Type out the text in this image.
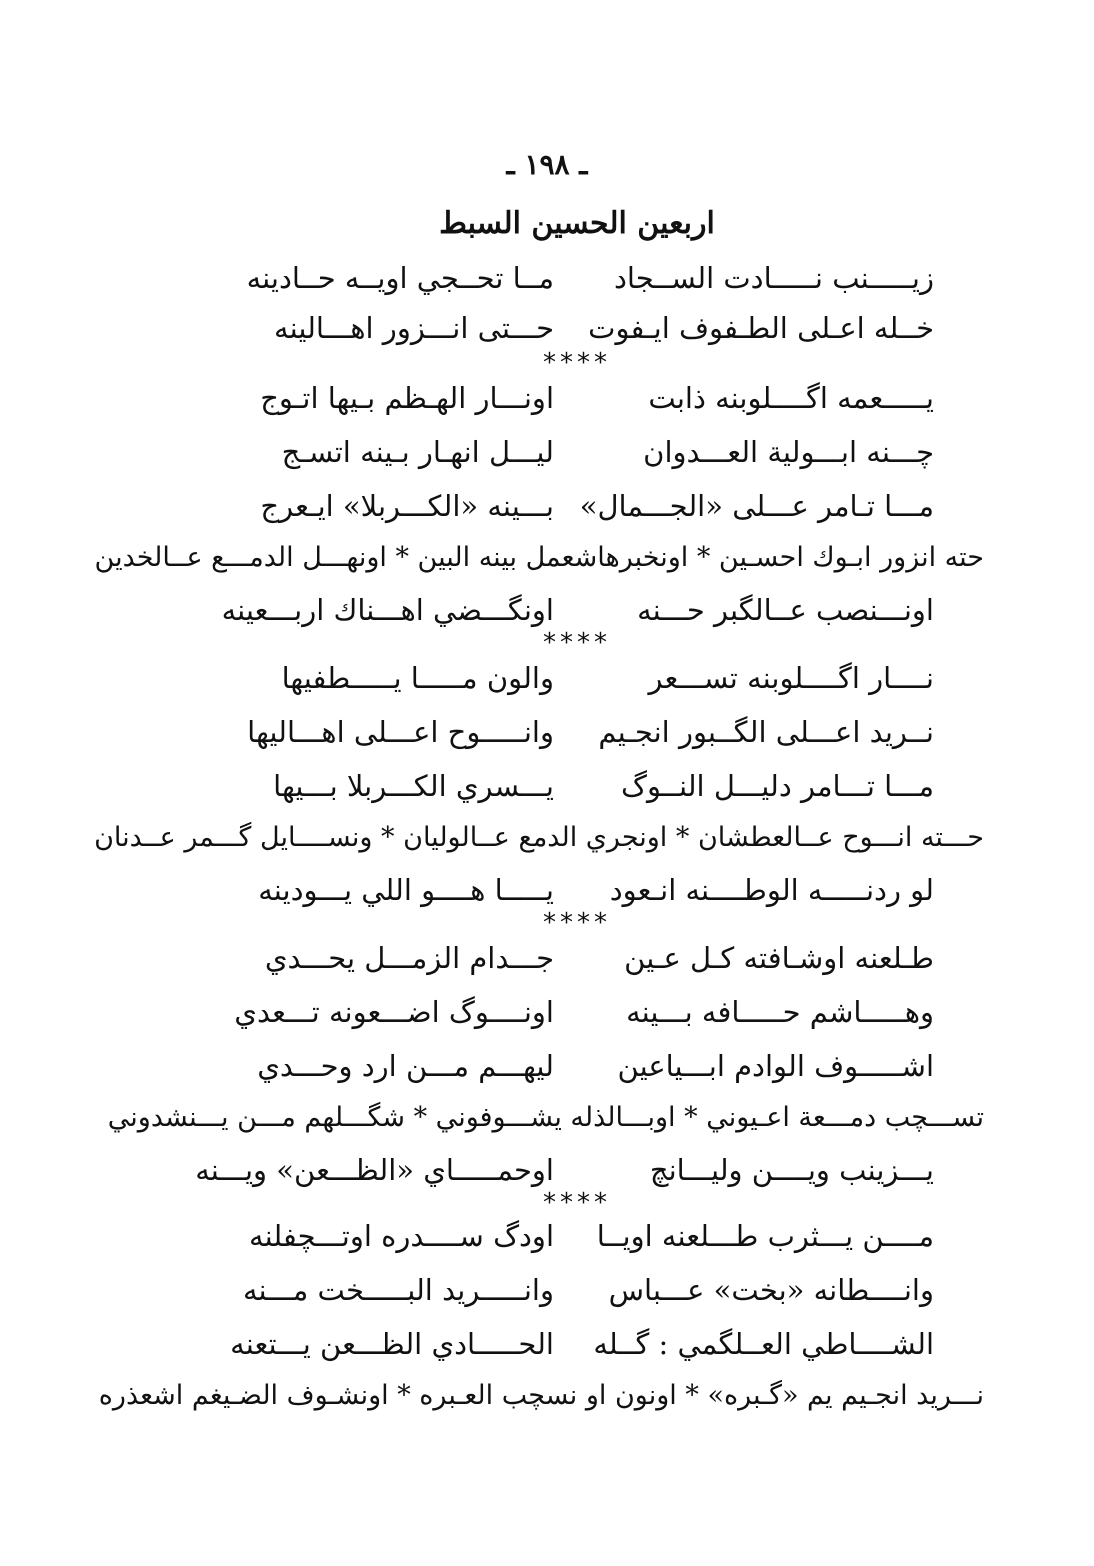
ـ ١٩٨ ـ
اربعين الحسين السبط
زيـــــنب نـــــادت الســجاد
مــا تحــجي اويــه حــادينه
خــله اعـلى الطـفوف ايـفوت
حـــتى انـــزور اهـــالينه
****
يـــــعمه اگــــلوبنه ذابت
اونـــار الهـظم بـيها اتـوج
چـــنه ابـــولية العـــدوان
ليـــل انهـار بـينه اتسـج
مـــا تـامر عـــلى «الجـــمال»
بـــينه «الكـــربلا» ايـعرج
حته انزور ابـوك احسـين * اونخبرهاشعمل بينه البين * اونهـــل الدمـــع عــالخدين
اونـــنصب عــالگبر حـــنه
اونگـــضي اهـــناك اربـــعينه
****
نــــار اگــــلوبنه تســـعر
والون مـــــا يـــــطفيها
نــريد اعـــلى الگــبور انجـيم
وانـــــوح اعـــلى اهـــاليها
مـــا تـــامر دليـــل النــوگ
يـــسري الكـــربلا بـــيها
حـــته انـــوح عــالعطشان * اونجري الدمع عــالوليان * ونســــايل گـــمر عــدنان
لو ردنـــــه الوطــــنه انـعود
يـــــا هــــو اللي يـــودينه
****
طـلعنه اوشـافته كـل عـين
جـــدام الزمـــل يحـــدي
وهـــــاشم حـــــافه بـــينه
اونــــوگ اضـــعونه تـــعدي
اشـــــوف الوادم ابـــياعين
ليهـــم مـــن ارد وحـــدي
تســـچب دمـــعة اعـيوني * اوبـــالذله يشـــوفوني * شگـــلهم مـــن يـــنشدوني
يـــزينب ويــــن وليـــانچ
اوحمـــــاي «الظـــعن» ويـــنه
****
مــــن يـــثرب طـــلعنه اويــا
اودگ ســــدره اوتـــچفلنه
وانــــطانه «بخت» عـــباس
وانـــــريد البـــــخت مـــنه
الشــــاطي العــلگمي : گــله
الحـــــادي الظـــعن يـــتعنه
نـــريد انجـيم يم «گـبره» * اونون او نسچب العـبره * اونشـوف الضـيغم اشعذره
